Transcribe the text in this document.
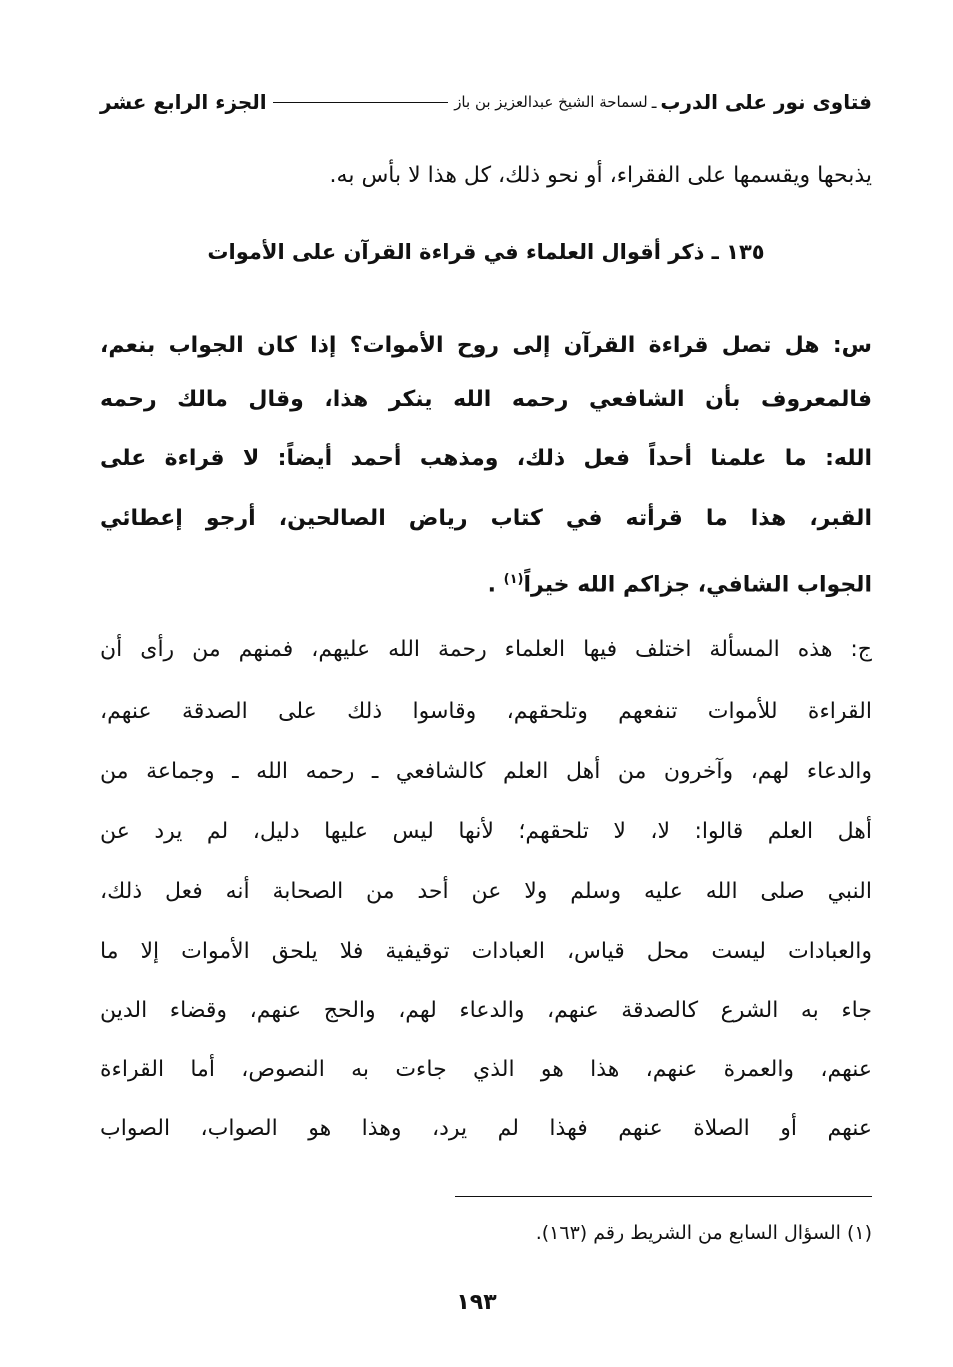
فتاوى نور على الدرب
ـ
لسماحة الشيخ عبدالعزيز بن باز
الجزء الرابع عشر
يذبحها ويقسمها على الفقراء، أو نحو ذلك، كل هذا لا بأس به.
١٣٥ ـ ذكر أقوال العلماء في قراءة القرآن على الأموات
س: هل تصل قراءة القرآن إلى روح الأموات؟ إذا كان الجواب بنعم،
فالمعروف بأن الشافعي رحمه الله ينكر هذا، وقال مالك رحمه
الله: ما علمنا أحداً فعل ذلك، ومذهب أحمد أيضاً: لا قراءة على
القبر، هذا ما قرأته في كتاب رياض الصالحين، أرجو إعطائي
الجواب الشافي، جزاكم الله خيراً$^{(١)}$ .
ج: هذه المسألة اختلف فيها العلماء رحمة الله عليهم، فمنهم من رأى أن
القراءة للأموات تنفعهم وتلحقهم، وقاسوا ذلك على الصدقة عنهم،
والدعاء لهم، وآخرون من أهل العلم كالشافعي ـ رحمه الله ـ وجماعة من
أهل العلم قالوا: لا، لا تلحقهم؛ لأنها ليس عليها دليل، لم يرد عن
النبي صلى الله عليه وسلم ولا عن أحد من الصحابة أنه فعل ذلك،
والعبادات ليست محل قياس، العبادات توقيفية فلا يلحق الأموات إلا ما
جاء به الشرع كالصدقة عنهم، والدعاء لهم، والحج عنهم، وقضاء الدين
عنهم، والعمرة عنهم، هذا هو الذي جاءت به النصوص، أما القراءة
عنهم أو الصلاة عنهم فهذا لم يرد، وهذا هو الصواب، الصواب
(١) السؤال السابع من الشريط رقم (١٦٣).
١٩٣
